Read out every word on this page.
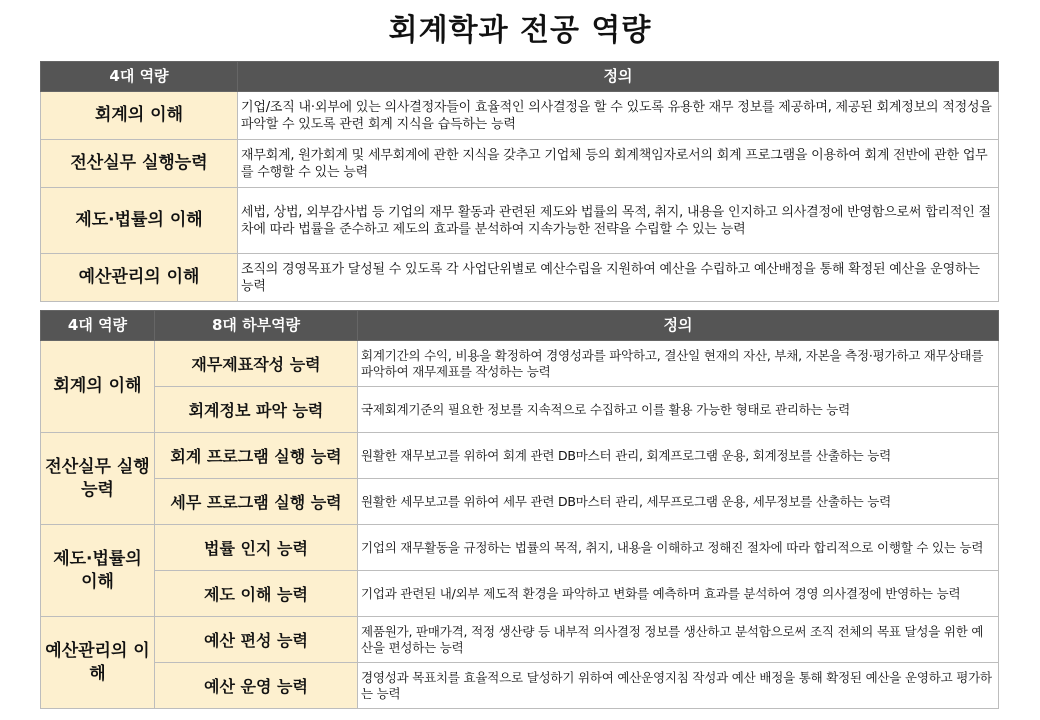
회계학과 전공 역량
4대 역량	정의
회계의 이해	기업/조직 내·외부에 있는 의사결정자들이 효율적인 의사결정을 할 수 있도록 유용한 재무 정보를 제공하며, 제공된 회계정보의 적정성을 파악할 수 있도록 관련 회계 지식을 습득하는 능력
전산실무 실행능력	재무회계, 원가회계 및 세무회계에 관한 지식을 갖추고 기업체 등의 회계책임자로서의 회계 프로그램을 이용하여 회계 전반에 관한 업무를 수행할 수 있는 능력
제도·법률의 이해	세법, 상법, 외부감사법 등 기업의 재무 활동과 관련된 제도와 법률의 목적, 취지, 내용을 인지하고 의사결정에 반영함으로써 합리적인 절차에 따라 법률을 준수하고 제도의 효과를 분석하여 지속가능한 전략을 수립할 수 있는 능력
예산관리의 이해	조직의 경영목표가 달성될 수 있도록 각 사업단위별로 예산수립을 지원하여 예산을 수립하고 예산배정을 통해 확정된 예산을 운영하는 능력
4대 역량	8대 하부역량	정의
회계의 이해	재무제표작성 능력	회계기간의 수익, 비용을 확정하여 경영성과를 파악하고, 결산일 현재의 자산, 부채, 자본을 측정·평가하고 재무상태를 파악하여 재무제표를 작성하는 능력
	회계정보 파악 능력	국제회계기준의 필요한 정보를 지속적으로 수집하고 이를 활용 가능한 형태로 관리하는 능력
전산실무 실행능력	회계 프로그램 실행 능력	원활한 재무보고를 위하여 회계 관련 DB마스터 관리, 회계프로그램 운용, 회계정보를 산출하는 능력
	세무 프로그램 실행 능력	원활한 세무보고를 위하여 세무 관련 DB마스터 관리, 세무프로그램 운용, 세무정보를 산출하는 능력
제도·법률의 이해	법률 인지 능력	기업의 재무활동을 규정하는 법률의 목적, 취지, 내용을 이해하고 정해진 절차에 따라 합리적으로 이행할 수 있는 능력
	제도 이해 능력	기업과 관련된 내/외부 제도적 환경을 파악하고 변화를 예측하며 효과를 분석하여 경영 의사결정에 반영하는 능력
예산관리의 이해	예산 편성 능력	제품원가, 판매가격, 적정 생산량 등 내부적 의사결정 정보를 생산하고 분석함으로써 조직 전체의 목표 달성을 위한 예산을 편성하는 능력
	예산 운영 능력	경영성과 목표치를 효율적으로 달성하기 위하여 예산운영지침 작성과 예산 배정을 통해 확정된 예산을 운영하고 평가하는 능력
